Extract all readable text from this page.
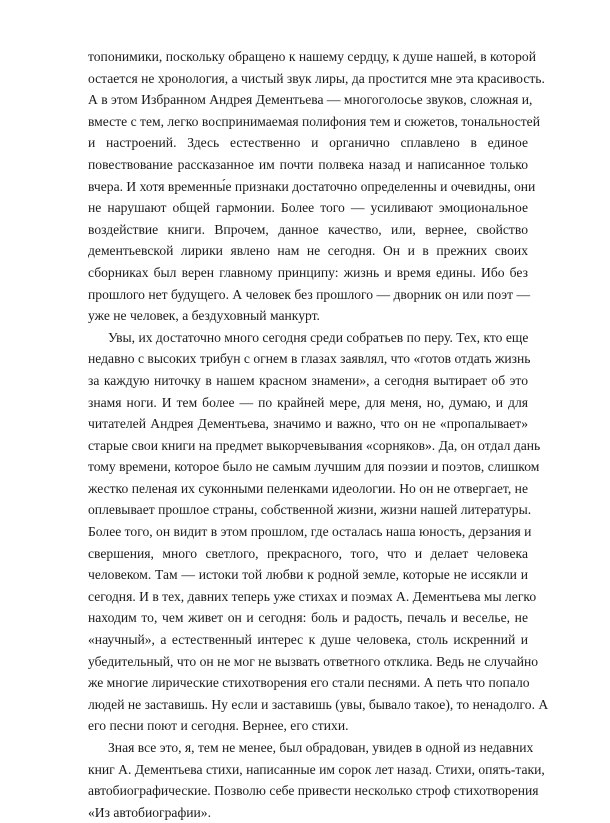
топонимики, поскольку обращено к нашему сердцу, к душе нашей, в которой
остается не хронология, а чистый звук лиры, да простится мне эта красивость.
А в этом Избранном Андрея Дементьева — многоголосье звуков, сложная и,
вместе с тем, легко воспринимаемая полифония тем и сюжетов, тональностей
и настроений. Здесь естественно и органично сплавлено в единое
повествование рассказанное им почти полвека назад и написанное только
вчера. И хотя временны́е признаки достаточно определенны и очевидны, они
не нарушают общей гармонии. Более того — усиливают эмоциональное
воздействие книги. Впрочем, данное качество, или, вернее, свойство
дементьевской лирики явлено нам не сегодня. Он и в прежних своих
сборниках был верен главному принципу: жизнь и время едины. Ибо без
прошлого нет будущего. А человек без прошлого — дворник он или поэт —
уже не человек, а бездуховный манкурт.
Увы, их достаточно много сегодня среди собратьев по перу. Тех, кто еще
недавно с высоких трибун с огнем в глазах заявлял, что «готов отдать жизнь
за каждую ниточку в нашем красном знамени», а сегодня вытирает об это
знамя ноги. И тем более — по крайней мере, для меня, но, думаю, и для
читателей Андрея Дементьева, значимо и важно, что он не «пропалывает»
старые свои книги на предмет выкорчевывания «сорняков». Да, он отдал дань
тому времени, которое было не самым лучшим для поэзии и поэтов, слишком
жестко пеленая их суконными пеленками идеологии. Но он не отвергает, не
оплевывает прошлое страны, собственной жизни, жизни нашей литературы.
Более того, он видит в этом прошлом, где осталась наша юность, дерзания и
свершения, много светлого, прекрасного, того, что и делает человека
человеком. Там — истоки той любви к родной земле, которые не иссякли и
сегодня. И в тех, давних теперь уже стихах и поэмах А. Дементьева мы легко
находим то, чем живет он и сегодня: боль и радость, печаль и веселье, не
«научный», а естественный интерес к душе человека, столь искренний и
убедительный, что он не мог не вызвать ответного отклика. Ведь не случайно
же многие лирические стихотворения его стали песнями. А петь что попало
людей не заставишь. Ну если и заставишь (увы, бывало такое), то ненадолго. А
его песни поют и сегодня. Вернее, его стихи.
Зная все это, я, тем не менее, был обрадован, увидев в одной из недавних
книг А. Дементьева стихи, написанные им сорок лет назад. Стихи, опять-таки,
автобиографические. Позволю себе привести несколько строф стихотворения
«Из автобиографии».
